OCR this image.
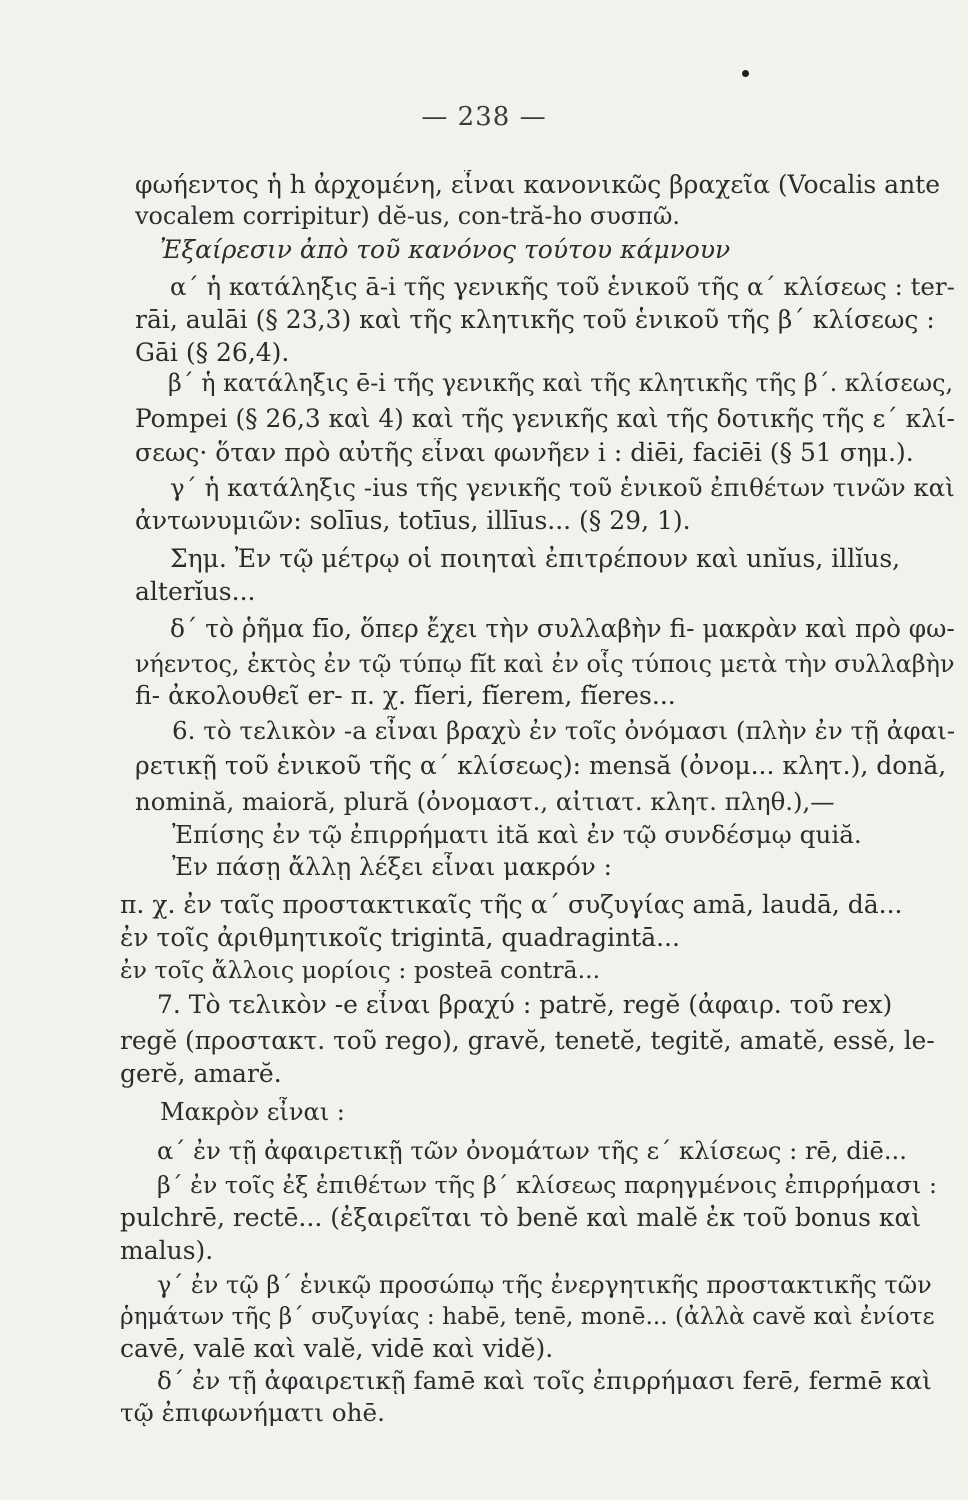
— 238 —
φωήεντος ἡ h ἀρχομένη, εἶναι κανονικῶς βραχεῖα (Vocalis ante
vocalem corripitur) dĕ-us, con-tră-ho συσπῶ.
Ἐξαίρεσιν ἀπὸ τοῦ κανόνος τούτου κάμνουν
α΄ ἡ κατάληξις ā-i τῆς γενικῆς τοῦ ἑνικοῦ τῆς α΄ κλίσεως : ter-
rāi, aulāi (§ 23,3) καὶ τῆς κλητικῆς τοῦ ἑνικοῦ τῆς β΄ κλίσεως :
Gāi (§ 26,4).
β΄ ἡ κατάληξις ē-i τῆς γενικῆς καὶ τῆς κλητικῆς τῆς β΄. κλίσεως,
Pompei (§ 26,3 καὶ 4) καὶ τῆς γενικῆς καὶ τῆς δοτικῆς τῆς ε΄ κλί-
σεως· ὅταν πρὸ αὐτῆς εἶναι φωνῆεν i : diēi, faciēi (§ 51 σημ.).
γ΄ ἡ κατάληξις -ius τῆς γενικῆς τοῦ ἑνικοῦ ἐπιθέτων τινῶν καὶ
ἀντωνυμιῶν: solīus, totīus, illīus... (§ 29, 1).
Σημ. Ἐν τῷ μέτρῳ οἱ ποιηταὶ ἐπιτρέπουν καὶ unĭus, illĭus,
alterĭus...
δ΄ τὸ ῥῆμα fīo, ὅπερ ἔχει τὴν συλλαβὴν fi- μακρὰν καὶ πρὸ φω-
νήεντος, ἐκτὸς ἐν τῷ τύπῳ fĭt καὶ ἐν οἷς τύποις μετὰ τὴν συλλαβὴν
fi- ἀκολουθεῖ er- π. χ. fĭeri, fĭerem, fĭeres...
6. τὸ τελικὸν -a εἶναι βραχὺ ἐν τοῖς ὀνόμασι (πλὴν ἐν τῇ ἀφαι-
ρετικῇ τοῦ ἑνικοῦ τῆς α΄ κλίσεως): mensă (ὀνομ... κλητ.), donă,
nomină, maioră, plură (ὀνομαστ., αἰτιατ. κλητ. πληθ.),—
Ἐπίσης ἐν τῷ ἐπιρρήματι ită καὶ ἐν τῷ συνδέσμῳ quiă.
Ἐν πάσῃ ἄλλῃ λέξει εἶναι μακρόν :
π. χ. ἐν ταῖς προστακτικαῖς τῆς α΄ συζυγίας amā, laudā, dā...
ἐν τοῖς ἀριθμητικοῖς trigintā, quadragintā...
ἐν τοῖς ἄλλοις μορίοις : posteā contrā...
7. Τὸ τελικὸν -e εἶναι βραχύ : patrĕ, regĕ (ἀφαιρ. τοῦ rex)
regĕ (προστακτ. τοῦ rego), gravĕ, tenetĕ, tegitĕ, amatĕ, essĕ, le-
gerĕ, amarĕ.
Μακρὸν εἶναι :
α΄ ἐν τῇ ἀφαιρετικῇ τῶν ὀνομάτων τῆς ε΄ κλίσεως : rē, diē...
β΄ ἐν τοῖς ἐξ ἐπιθέτων τῆς β΄ κλίσεως παρηγμένοις ἐπιρρήμασι :
pulchrē, rectē... (ἐξαιρεῖται τὸ benĕ καὶ malĕ ἐκ τοῦ bonus καὶ
malus).
γ΄ ἐν τῷ β΄ ἑνικῷ προσώπῳ τῆς ἐνεργητικῆς προστακτικῆς τῶν
ῥημάτων τῆς β΄ συζυγίας : habē, tenē, monē... (ἀλλὰ cavĕ καὶ ἐνίοτε
cavē, valē καὶ valĕ, vidē καὶ vidĕ).
δ΄ ἐν τῇ ἀφαιρετικῇ famē καὶ τοῖς ἐπιρρήμασι ferē, fermē καὶ
τῷ ἐπιφωνήματι ohē.
